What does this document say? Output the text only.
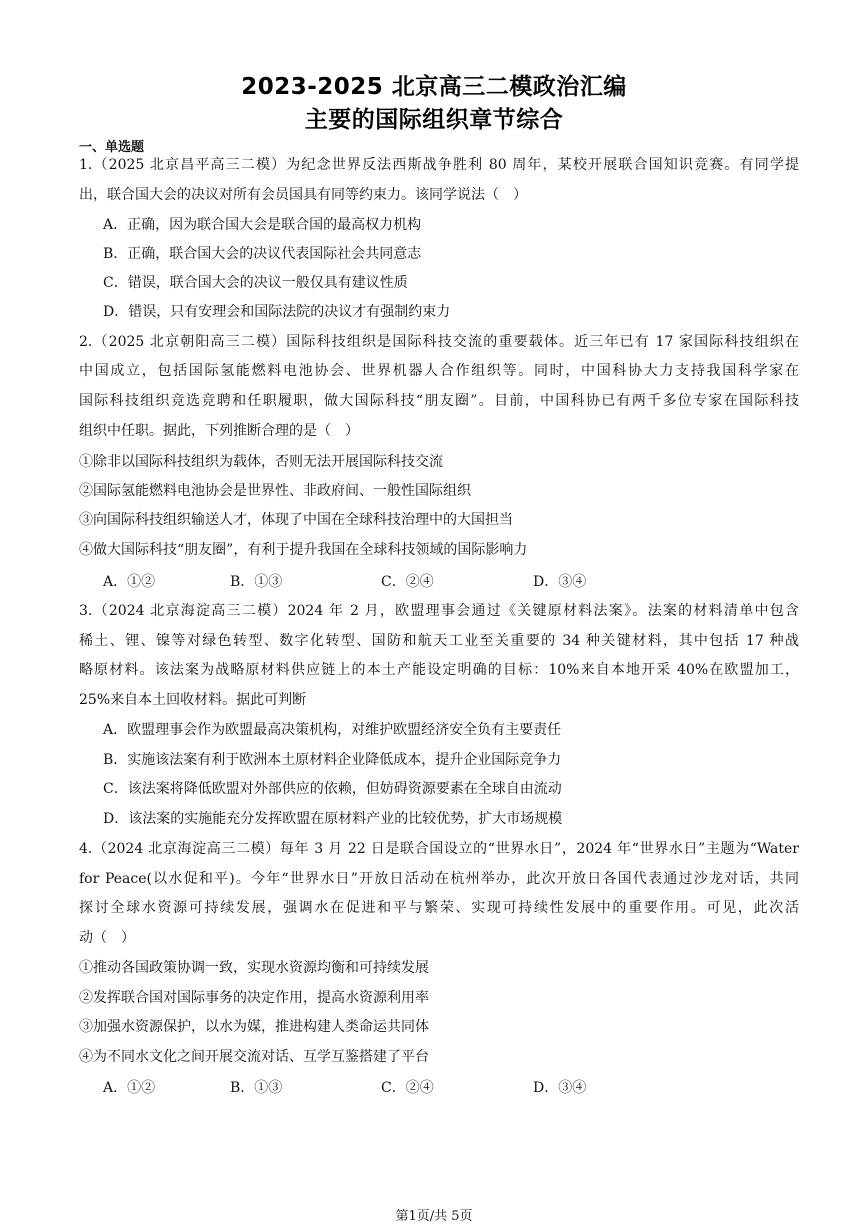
2023-2025 北京高三二模政治汇编
主要的国际组织章节综合
一、单选题
1.（2025 北京昌平高三二模）为纪念世界反法西斯战争胜利 80 周年，某校开展联合国知识竞赛。有同学提
出，联合国大会的决议对所有会员国具有同等约束力。该同学说法（　）
A．正确，因为联合国大会是联合国的最高权力机构
B．正确，联合国大会的决议代表国际社会共同意志
C．错误，联合国大会的决议一般仅具有建议性质
D．错误，只有安理会和国际法院的决议才有强制约束力
2.（2025 北京朝阳高三二模）国际科技组织是国际科技交流的重要载体。近三年已有 17 家国际科技组织在
中国成立，包括国际氢能燃料电池协会、世界机器人合作组织等。同时，中国科协大力支持我国科学家在
国际科技组织竞选竞聘和任职履职，做大国际科技“朋友圈”。目前，中国科协已有两千多位专家在国际科技
组织中任职。据此，下列推断合理的是（　）
①除非以国际科技组织为载体，否则无法开展国际科技交流
②国际氢能燃料电池协会是世界性、非政府间、一般性国际组织
③向国际科技组织输送人才，体现了中国在全球科技治理中的大国担当
④做大国际科技“朋友圈”，有利于提升我国在全球科技领域的国际影响力
A．①②	B．①③	C．②④	D．③④
3.（2024 北京海淀高三二模）2024 年 2 月，欧盟理事会通过《关键原材料法案》。法案的材料清单中包含
稀土、锂、镍等对绿色转型、数字化转型、国防和航天工业至关重要的 34 种关键材料，其中包括 17 种战
略原材料。该法案为战略原材料供应链上的本土产能设定明确的目标：10%来自本地开采 40%在欧盟加工，
25%来自本土回收材料。据此可判断
A．欧盟理事会作为欧盟最高决策机构，对维护欧盟经济安全负有主要责任
B．实施该法案有利于欧洲本土原材料企业降低成本，提升企业国际竞争力
C．该法案将降低欧盟对外部供应的依赖，但妨碍资源要素在全球自由流动
D．该法案的实施能充分发挥欧盟在原材料产业的比较优势，扩大市场规模
4.（2024 北京海淀高三二模）每年 3 月 22 日是联合国设立的“世界水日”，2024 年“世界水日”主题为“Water
for Peace(以水促和平)。今年“世界水日”开放日活动在杭州举办，此次开放日各国代表通过沙龙对话，共同
探讨全球水资源可持续发展，强调水在促进和平与繁荣、实现可持续性发展中的重要作用。可见，此次活
动（　）
①推动各国政策协调一致，实现水资源均衡和可持续发展
②发挥联合国对国际事务的决定作用，提高水资源利用率
③加强水资源保护，以水为媒，推进构建人类命运共同体
④为不同水文化之间开展交流对话、互学互鉴搭建了平台
A．①②	B．①③	C．②④	D．③④
第1页/共 5页
